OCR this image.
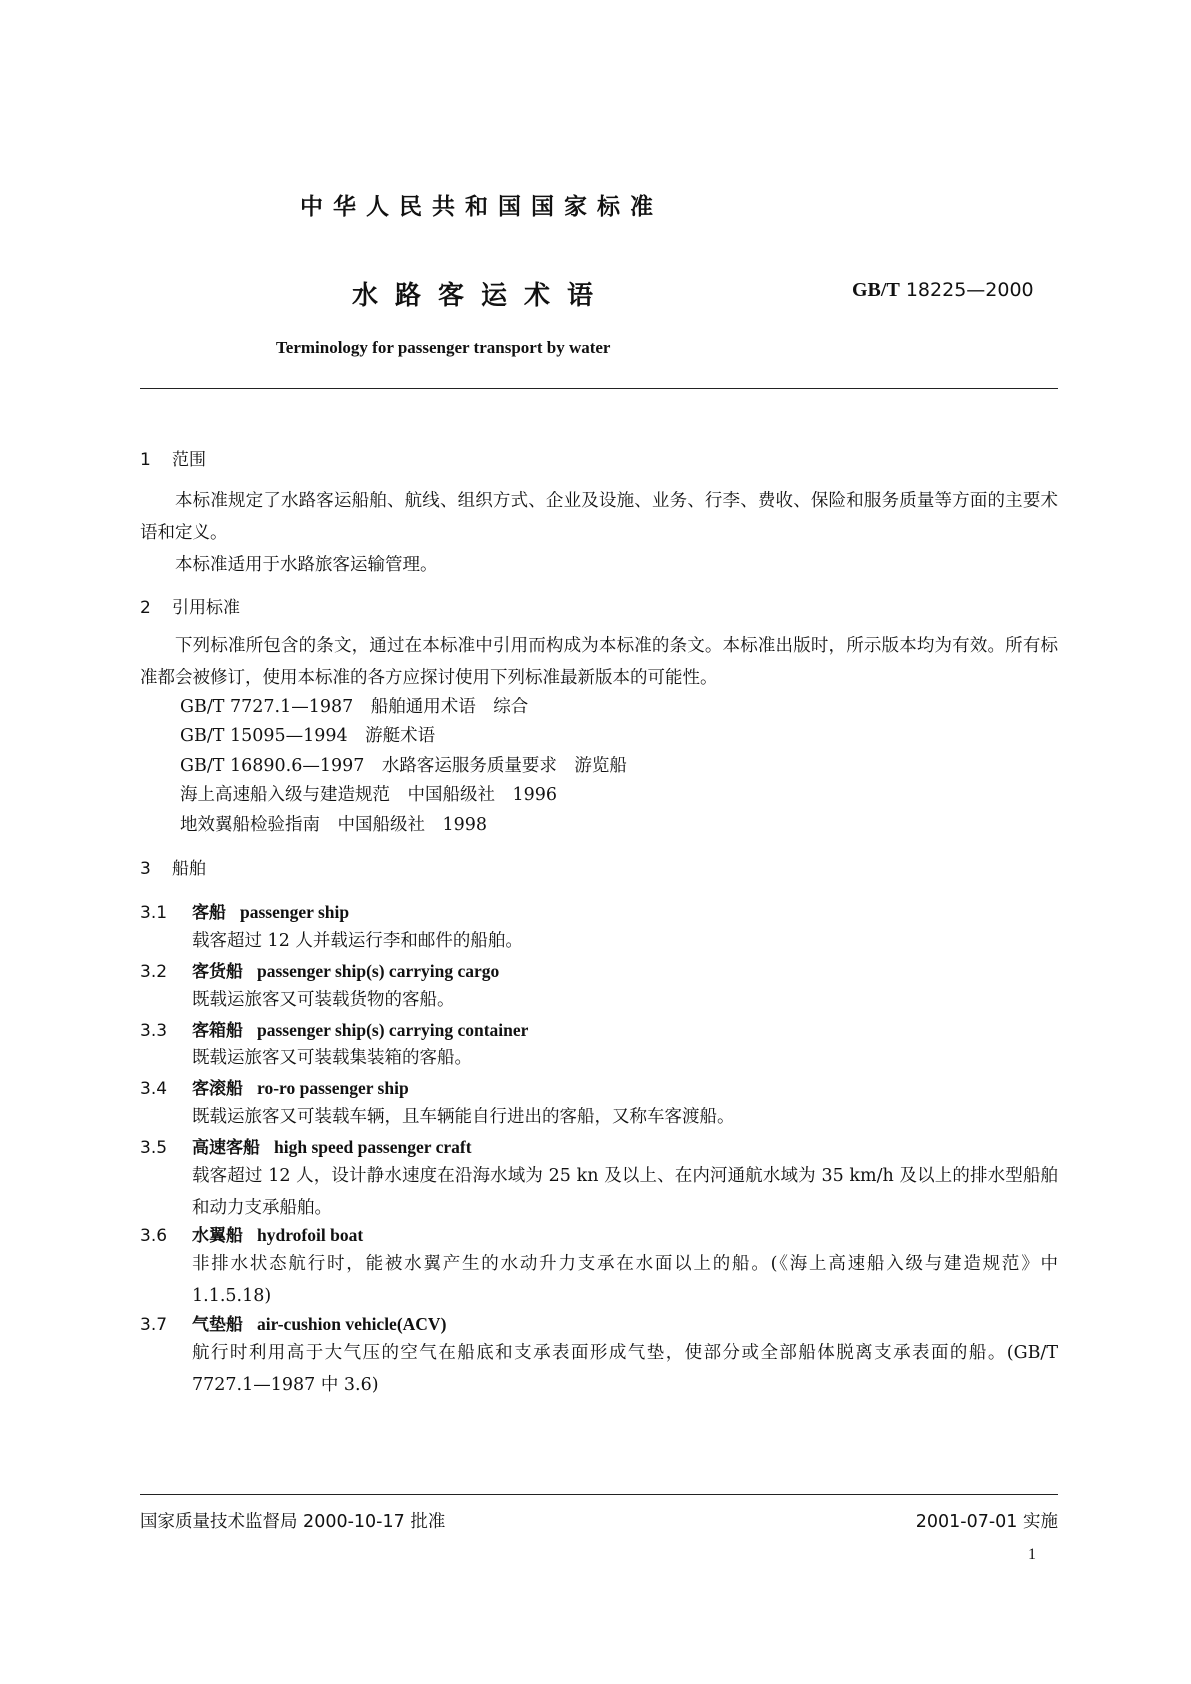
中华人民共和国国家标准
水路客运术语	GB/T 18225—2000
Terminology for passenger transport by water
1 范围

本标准规定了水路客运船舶、航线、组织方式、企业及设施、业务、行李、费收、保险和服务质量等方面的主要术语和定义。

本标准适用于水路旅客运输管理。

2 引用标准

下列标准所包含的条文，通过在本标准中引用而构成为本标准的条文。本标准出版时，所示版本均为有效。所有标准都会被修订，使用本标准的各方应探讨使用下列标准最新版本的可能性。

GB/T 7727.1—1987　船舶通用术语　综合
GB/T 15095—1994　游艇术语
GB/T 16890.6—1997　水路客运服务质量要求　游览船
海上高速船入级与建造规范　中国船级社　1996
地效翼船检验指南　中国船级社　1998
3 船舶
3.1 客船 passenger ship
载客超过 12 人并载运行李和邮件的船舶。
3.2 客货船 passenger ship(s) carrying cargo
既载运旅客又可装载货物的客船。
3.3 客箱船 passenger ship(s) carrying container
既载运旅客又可装载集装箱的客船。
3.4 客滚船 ro-ro passenger ship
既载运旅客又可装载车辆，且车辆能自行进出的客船，又称车客渡船。
3.5 高速客船 high speed passenger craft
载客超过 12 人，设计静水速度在沿海水域为 25 kn 及以上、在内河通航水域为 35 km/h 及以上的排水型船舶和动力支承船舶。
3.6 水翼船 hydrofoil boat
非排水状态航行时，能被水翼产生的水动升力支承在水面以上的船。(《海上高速船入级与建造规范》中 1.1.5.18)
3.7 气垫船 air-cushion vehicle(ACV)
航行时利用高于大气压的空气在船底和支承表面形成气垫，使部分或全部船体脱离支承表面的船。(GB/T 7727.1—1987 中 3.6)
国家质量技术监督局 2000-10-17 批准	2001-07-01 实施
1
